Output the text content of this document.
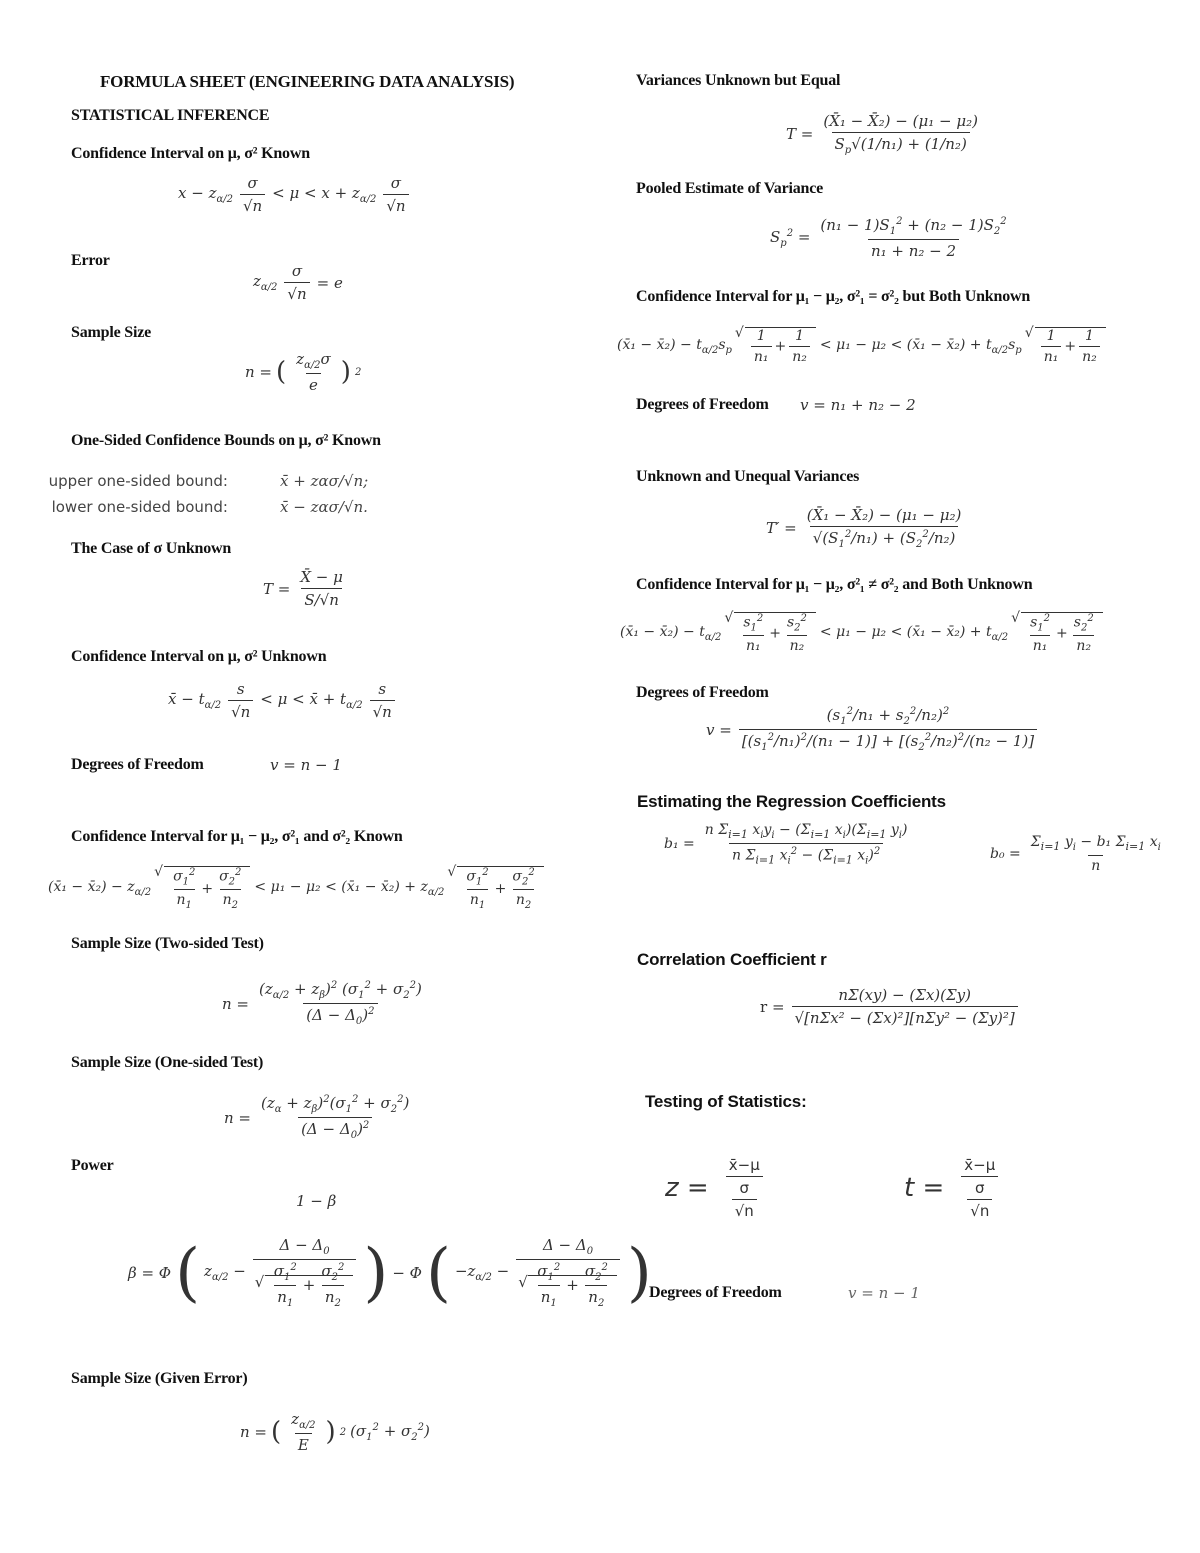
FORMULA SHEET (ENGINEERING DATA ANALYSIS)
STATISTICAL INFERENCE
Confidence Interval on μ, σ² Known
$x - z_{\alpha/2} \frac{\sigma}{√n} < \mu < x + z_{\alpha/2} \frac{\sigma}{√n}$
Error
$z_{\alpha/2} \frac{\sigma}{√n} = e$
Sample Size
n = ( $\frac{z_{\alpha/2}\sigma}{e}$ ) 2
One-Sided Confidence Bounds on μ, σ² Known
upper one-sided bound:	x̄ + zασ/√n;
lower one-sided bound:	x̄ − zασ/√n.
The Case of σ Unknown
$T = \frac{X̄ - \mu}{S/√n}$
Confidence Interval on μ, σ² Unknown
x̄ − $t_{\alpha/2} \frac{s}{√n} < \mu$ < x̄ + $t_{\alpha/2} \frac{s}{√n}$
Degrees of Freedom	v = n − 1
Confidence Interval for μ₁ − μ₂, σ²₁ and σ²₂ Known
(x̄₁ − x̄₂) − $z_{\alpha/2}$ √ $\frac{\sigma_1^2}{n_1} + \frac{\sigma_2^2}{n_2} < \mu_1 - \mu_2$ < (x̄₁ − x̄₂) + $z_{\alpha/2}$ √ $\frac{\sigma_1^2}{n_1} + \frac{\sigma_2^2}{n_2}$
Sample Size (Two-sided Test)
$n = \frac{(z_{\alpha/2} + z_\beta)^2 (\sigma_1^2 + \sigma_2^2)}{(\Delta - \Delta_0)^2}$
Sample Size (One-sided Test)
$n = \frac{(z_\alpha + z_\beta)^2(\sigma_1^2 + \sigma_2^2)}{(\Delta - \Delta_0)^2}$
Power
1 − β
β = Φ ( $z_{\alpha/2} - \Delta - \Delta_0$
√ $\frac{\sigma_1^2}{n_1} + \frac{\sigma_2^2}{n_2}$ ) − Φ ( $-z_{\alpha/2} - \Delta - \Delta_0$
√ $\frac{\sigma_1^2}{n_1} + \frac{\sigma_2^2}{n_2}$ )
Sample Size (Given Error)
n = ( $\frac{z_{\alpha/2}}{E}$ ) 2 $(\sigma_1^2 + \sigma_2^2)$
Variances Unknown but Equal
$T = \frac{\text{(X̄₁ − X̄₂) − (μ₁ − μ₂)}}{S_p√(1/n_1) + (1/n_2)}$
Pooled Estimate of Variance
$S_p^2 = \frac{(n_1 - 1)S_1^2 + (n_2 - 1)S_2^2}{\text{n₁ + n₂ − 2}}$
Confidence Interval for μ₁ − μ₂, σ²₁ = σ²₂ but Both Unknown
(x̄₁ − x̄₂) − $t_{\alpha/2}s_p$ √ $\frac{1}{\text{n₁}} + \frac{1}{\text{n₂}} < \mu_1 - \mu_2$ < (x̄₁ − x̄₂) + $t_{\alpha/2}s_p$ √ $\frac{1}{\text{n₁}} + \frac{1}{\text{n₂}}$
Degrees of Freedom v = n₁ + n₂ − 2
Unknown and Unequal Variances
$T' = \frac{\text{(X̄₁ − X̄₂) − (μ₁ − μ₂)}}{√(S_1^2/n_1) + (S_2^2/n_2)}$
Confidence Interval for μ₁ − μ₂, σ²₁ ≠ σ²₂ and Both Unknown
(x̄₁ − x̄₂) − $t_{\alpha/2}$ √ $\frac{s_1^2}{\text{n₁}} + \frac{s_2^2}{\text{n₂}} < \mu_1 - \mu_2$ < (x̄₁ − x̄₂) + $t_{\alpha/2}$ √ $\frac{s_1^2}{\text{n₁}} + \frac{s_2^2}{\text{n₂}}$
Degrees of Freedom
$v = \frac{(s_1^2/n_1 + s_2^2/n_2)^2}{[(s_1^2/n_1)^2/(n_1 - 1)] + [(s_2^2/n_2)^2/(n_2 - 1)]}$
Estimating the Regression Coefficients
$b_1 = \frac{n \Sigma_{i=1} x_iy_i - (\Sigma_{i=1} x_i)(\Sigma_{i=1} y_i)}{n \Sigma_{i=1} x_i^2 - (\Sigma_{i=1} x_i)^2}$	$b_0 = \frac{\Sigma_{i=1} y_i - b_1 \Sigma_{i=1} x_i}{n}$
Correlation Coefficient r
$r = \frac{n\Sigma(xy) - (\Sigma x)(\Sigma y)}{\text{√[nΣx² − (Σx)²][nΣy² − (Σy)²]}}$
Testing of Statistics:
$z = \frac{x̄-\mu}{\frac{\sigma}{√n}}$	$t = \frac{x̄-\mu}{\frac{\sigma}{√n}}$
Degrees of Freedom	v = n − 1
